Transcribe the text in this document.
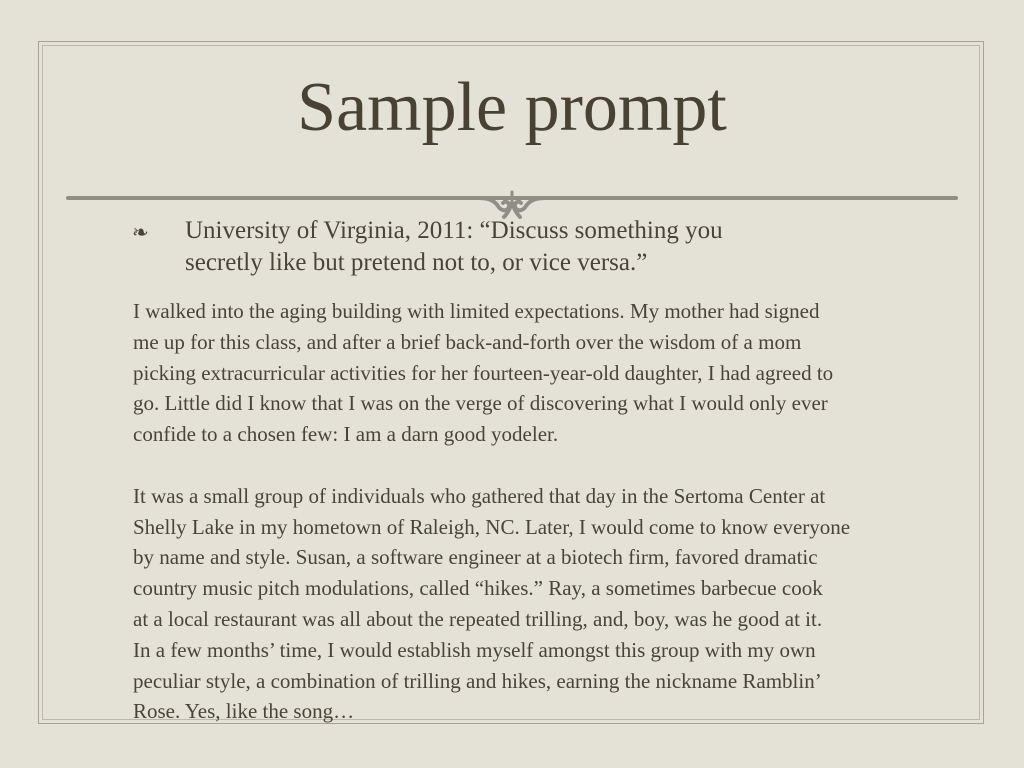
Sample prompt
❧ University of Virginia, 2011: “Discuss something you
secretly like but pretend not to, or vice versa.”
I walked into the aging building with limited expectations. My mother had signed
me up for this class, and after a brief back-and-forth over the wisdom of a mom
picking extracurricular activities for her fourteen-year-old daughter, I had agreed to
go. Little did I know that I was on the verge of discovering what I would only ever
confide to a chosen few: I am a darn good yodeler.
It was a small group of individuals who gathered that day in the Sertoma Center at
Shelly Lake in my hometown of Raleigh, NC. Later, I would come to know everyone
by name and style. Susan, a software engineer at a biotech firm, favored dramatic
country music pitch modulations, called “hikes.” Ray, a sometimes barbecue cook
at a local restaurant was all about the repeated trilling, and, boy, was he good at it.
In a few months’ time, I would establish myself amongst this group with my own
peculiar style, a combination of trilling and hikes, earning the nickname Ramblin’
Rose. Yes, like the song…
